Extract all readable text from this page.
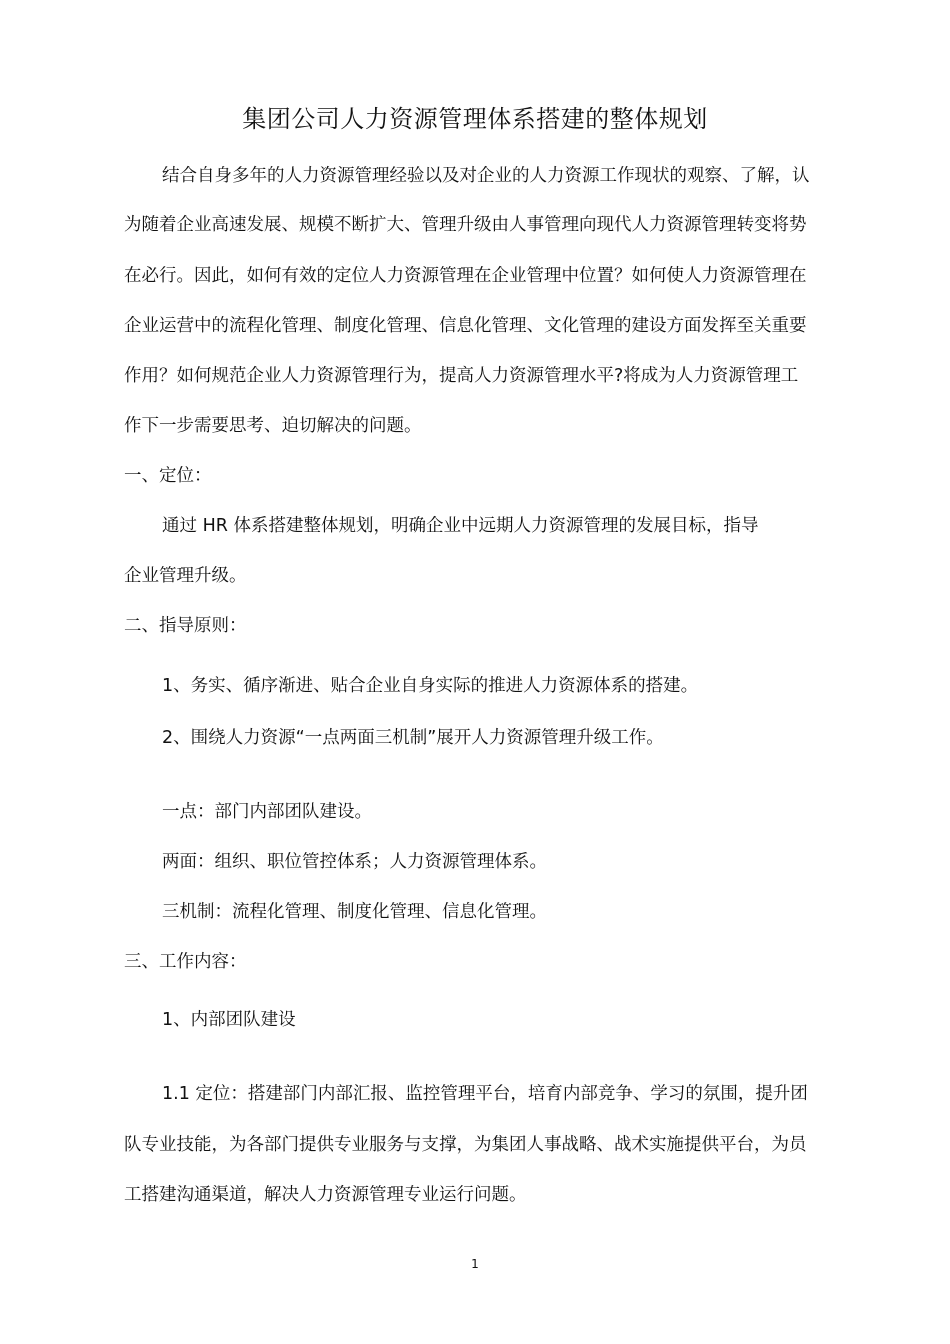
集团公司人力资源管理体系搭建的整体规划
结合自身多年的人力资源管理经验以及对企业的人力资源工作现状的观察、了解，认
为随着企业高速发展、规模不断扩大、管理升级由人事管理向现代人力资源管理转变将势
在必行。因此，如何有效的定位人力资源管理在企业管理中位置？如何使人力资源管理在
企业运营中的流程化管理、制度化管理、信息化管理、文化管理的建设方面发挥至关重要
作用？如何规范企业人力资源管理行为，提高人力资源管理水平?将成为人力资源管理工
作下一步需要思考、迫切解决的问题。
一、定位：
通过 HR 体系搭建整体规划，明确企业中远期人力资源管理的发展目标，指导
企业管理升级。
二、指导原则：
1、务实、循序渐进、贴合企业自身实际的推进人力资源体系的搭建。
2、围绕人力资源“一点两面三机制”展开人力资源管理升级工作。
一点：部门内部团队建设。
两面：组织、职位管控体系；人力资源管理体系。
三机制：流程化管理、制度化管理、信息化管理。
三、工作内容：
1、内部团队建设
1.1 定位：搭建部门内部汇报、监控管理平台，培育内部竞争、学习的氛围，提升团
队专业技能，为各部门提供专业服务与支撑，为集团人事战略、战术实施提供平台，为员
工搭建沟通渠道，解决人力资源管理专业运行问题。
1
